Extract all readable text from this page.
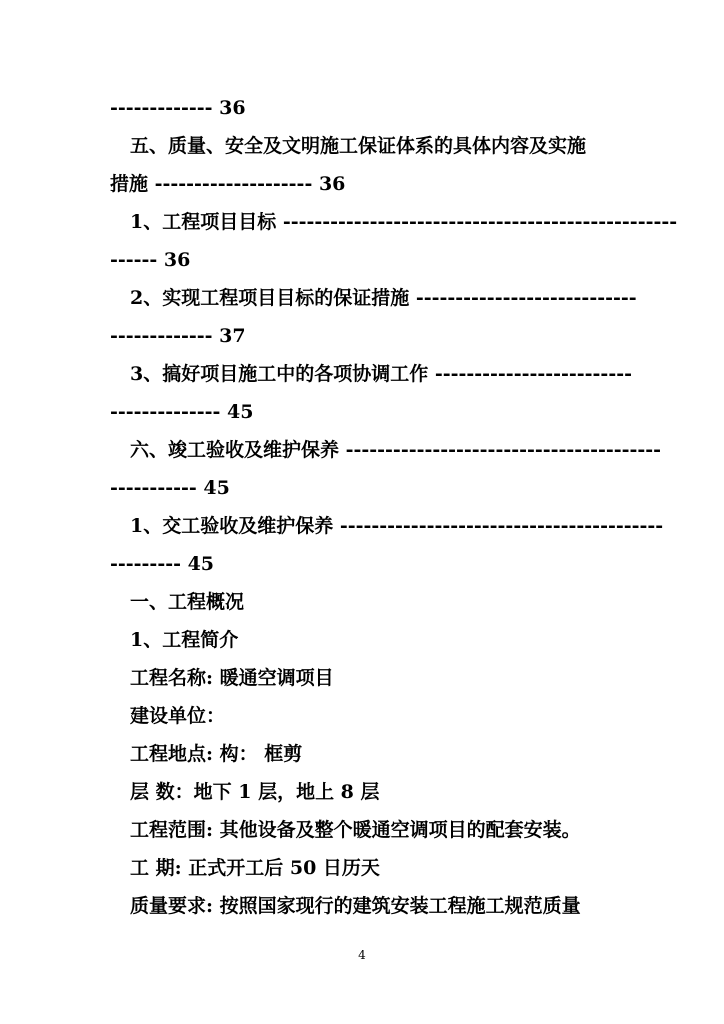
------------- 36
五、质量、安全及文明施工保证体系的具体内容及实施
措施 -------------------- 36
1、工程项目目标 --------------------------------------------------
------ 36
2、实现工程项目目标的保证措施 ----------------------------
------------- 37
3、搞好项目施工中的各项协调工作 -------------------------
-------------- 45
六、竣工验收及维护保养 ----------------------------------------
----------- 45
1、交工验收及维护保养 -----------------------------------------
--------- 45
一、工程概况
1、工程简介
工程名称: 暖通空调项目
建设单位：
工程地点: 构： 框剪
层 数：地下 1 层，地上 8 层
工程范围: 其他设备及整个暖通空调项目的配套安装。
工 期: 正式开工后 50 日历天
质量要求: 按照国家现行的建筑安装工程施工规范质量
4
